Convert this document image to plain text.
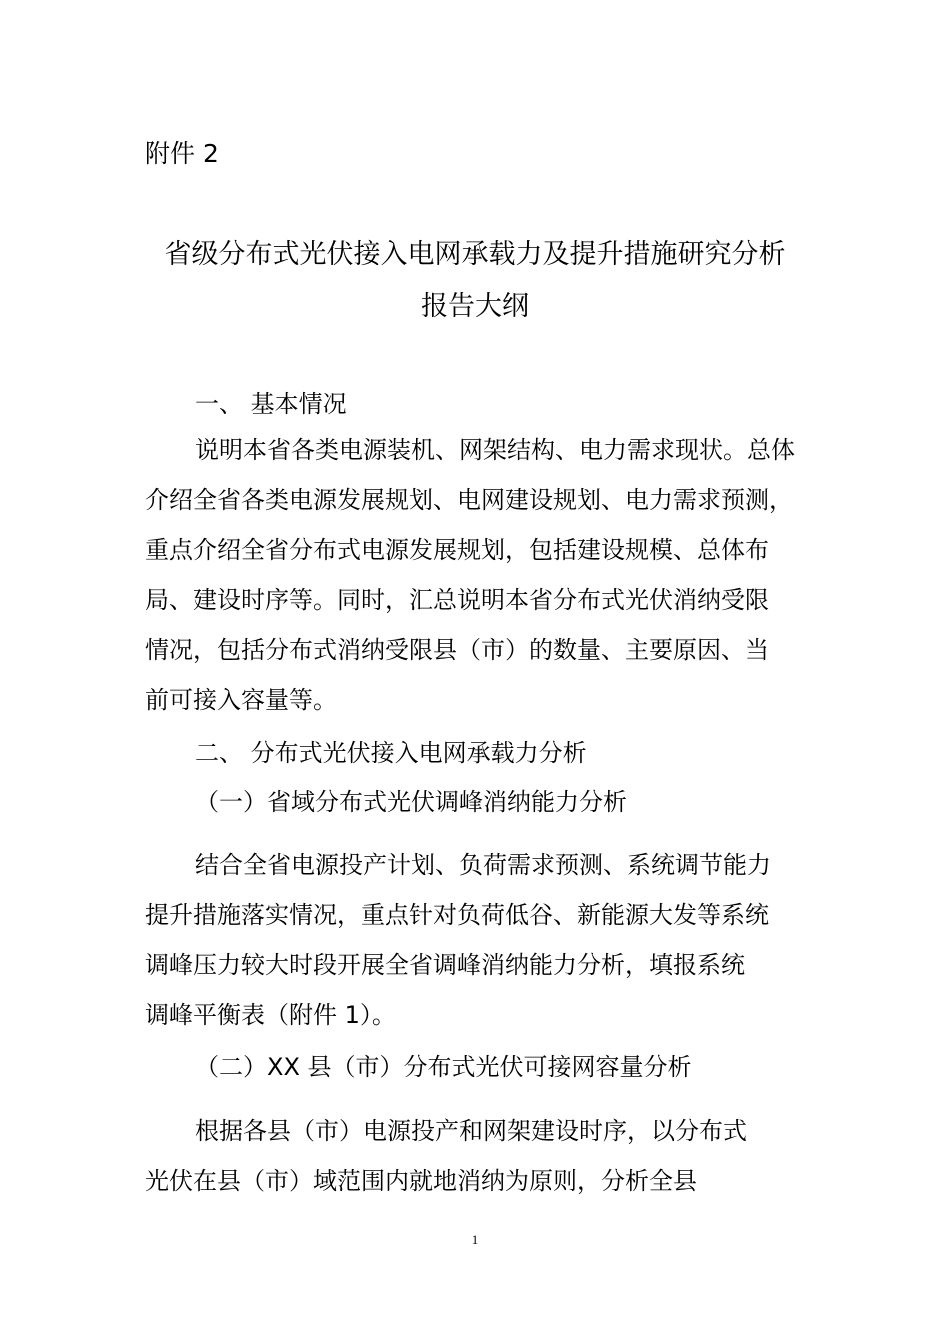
附件 2
省级分布式光伏接入电网承载力及提升措施研究分析
报告大纲
一、 基本情况
说明本省各类电源装机、网架结构、电力需求现状。总体
介绍全省各类电源发展规划、电网建设规划、电力需求预测，
重点介绍全省分布式电源发展规划，包括建设规模、总体布
局、建设时序等。同时，汇总说明本省分布式光伏消纳受限
情况，包括分布式消纳受限县（市）的数量、主要原因、当
前可接入容量等。
二、 分布式光伏接入电网承载力分析
（一）省域分布式光伏调峰消纳能力分析
结合全省电源投产计划、负荷需求预测、系统调节能力
提升措施落实情况，重点针对负荷低谷、新能源大发等系统
调峰压力较大时段开展全省调峰消纳能力分析，填报系统
调峰平衡表（附件 1）。
（二）XX 县（市）分布式光伏可接网容量分析
根据各县（市）电源投产和网架建设时序，以分布式
光伏在县（市）域范围内就地消纳为原则，分析全县
1
